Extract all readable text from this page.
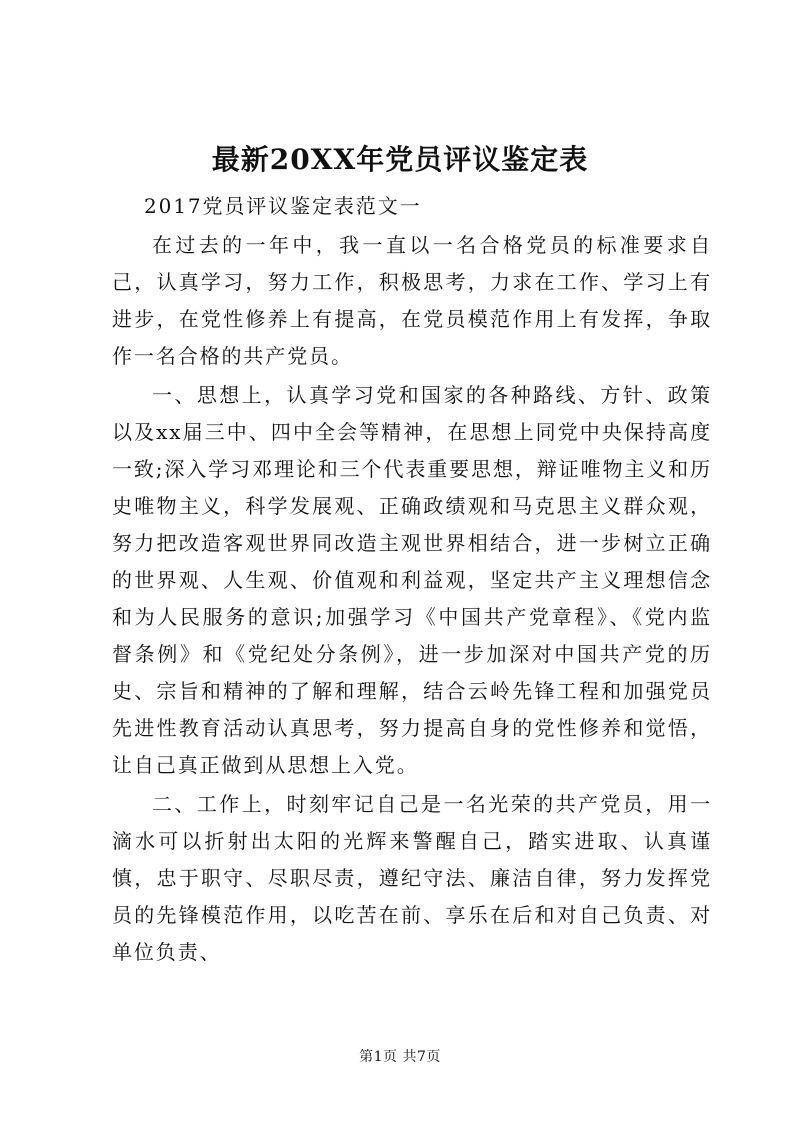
最新20XX年党员评议鉴定表

2017党员评议鉴定表范文一

在过去的一年中，我一直以一名合格党员的标准要求自己，认真学习，努力工作，积极思考，力求在工作、学习上有进步，在党性修养上有提高，在党员模范作用上有发挥，争取作一名合格的共产党员。

一、思想上，认真学习党和国家的各种路线、方针、政策以及xx届三中、四中全会等精神，在思想上同党中央保持高度一致;深入学习邓理论和三个代表重要思想，辩证唯物主义和历史唯物主义，科学发展观、正确政绩观和马克思主义群众观，努力把改造客观世界同改造主观世界相结合，进一步树立正确的世界观、人生观、价值观和利益观，坚定共产主义理想信念和为人民服务的意识;加强学习《中国共产党章程》、《党内监督条例》和《党纪处分条例》，进一步加深对中国共产党的历史、宗旨和精神的了解和理解，结合云岭先锋工程和加强党员先进性教育活动认真思考，努力提高自身的党性修养和觉悟，让自己真正做到从思想上入党。

二、工作上，时刻牢记自己是一名光荣的共产党员，用一滴水可以折射出太阳的光辉来警醒自己，踏实进取、认真谨慎，忠于职守、尽职尽责，遵纪守法、廉洁自律，努力发挥党员的先锋模范作用，以吃苦在前、享乐在后和对自己负责、对单位负责、

第1页 共7页
